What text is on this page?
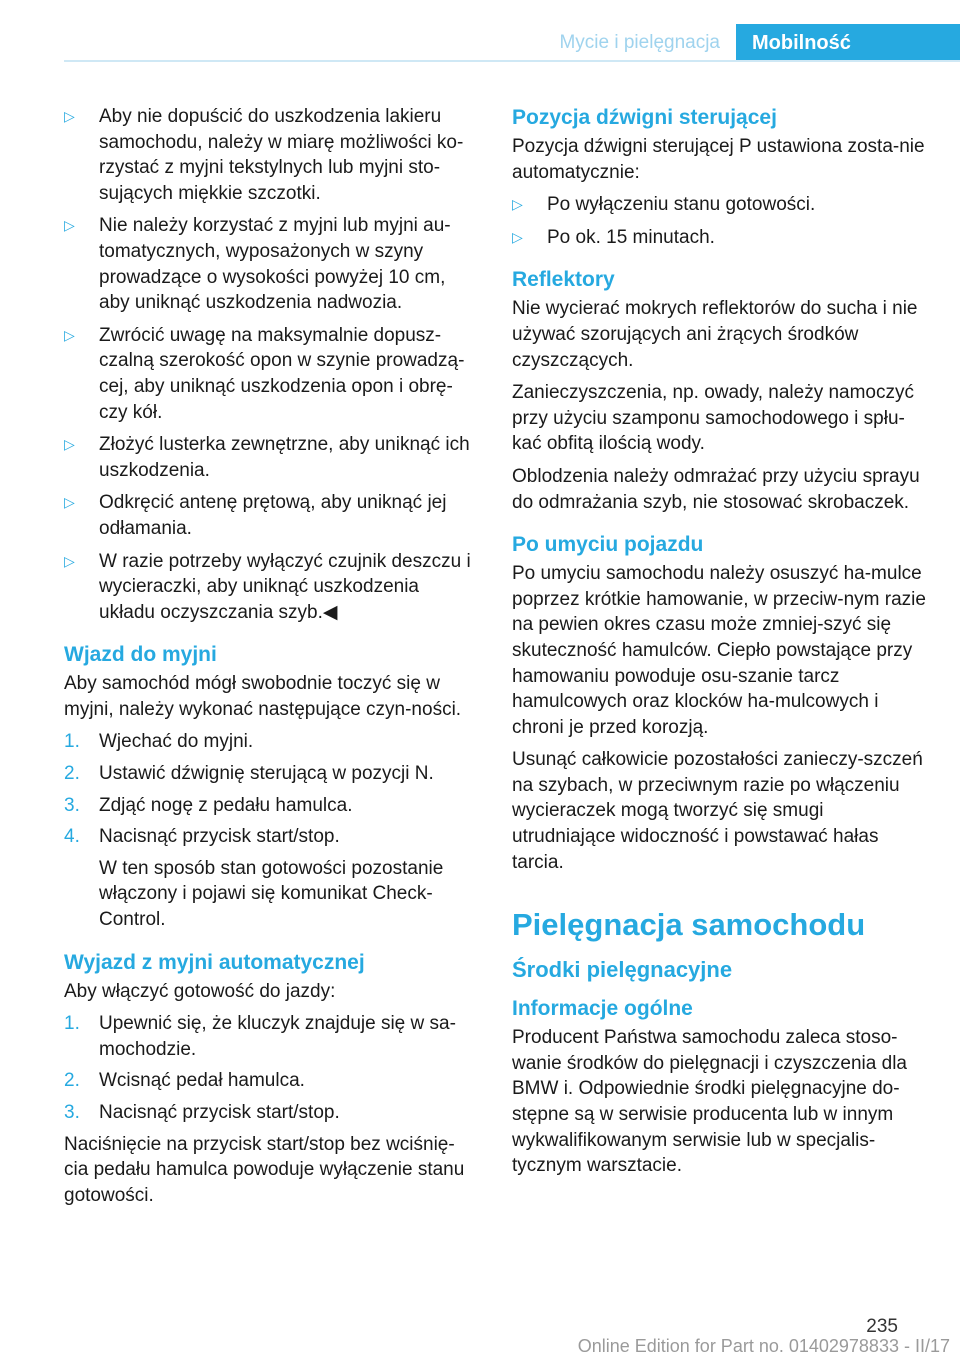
Mycie i pielęgnacja	Mobilność
▷ Aby nie dopuścić do uszkodzenia lakieru samochodu, należy w miarę możliwości ko‐rzystać z myjni tekstylnych lub myjni sto‐sujących miękkie szczotki.
▷ Nie należy korzystać z myjni lub myjni au‐tomatycznych, wyposażonych w szyny prowadzące o wysokości powyżej 10 cm, aby uniknąć uszkodzenia nadwozia.
▷ Zwrócić uwagę na maksymalnie dopusz‐czalną szerokość opon w szynie prowadzą‐cej, aby uniknąć uszkodzenia opon i obrę‐czy kół.
▷ Złożyć lusterka zewnętrzne, aby uniknąć ich uszkodzenia.
▷ Odkręcić antenę prętową, aby uniknąć jej odłamania.
▷ W razie potrzeby wyłączyć czujnik deszczu i wycieraczki, aby uniknąć uszkodzenia układu oczyszczania szyb.◀
Wjazd do myjni
Aby samochód mógł swobodnie toczyć się w myjni, należy wykonać następujące czyn‐ności.
1. Wjechać do myjni.
2. Ustawić dźwignię sterującą w pozycji N.
3. Zdjąć nogę z pedału hamulca.
4. Nacisnąć przycisk start/stop.
W ten sposób stan gotowości pozostanie włączony i pojawi się komunikat Check-Control.
Wyjazd z myjni automatycznej
Aby włączyć gotowość do jazdy:
1. Upewnić się, że kluczyk znajduje się w sa‐mochodzie.
2. Wcisnąć pedał hamulca.
3. Nacisnąć przycisk start/stop.
Naciśnięcie na przycisk start/stop bez wciśnię‐cia pedału hamulca powoduje wyłączenie stanu gotowości.
Pozycja dźwigni sterującej
Pozycja dźwigni sterującej P ustawiona zosta‐nie automatycznie:
▷ Po wyłączeniu stanu gotowości.
▷ Po ok. 15 minutach.
Reflektory
Nie wycierać mokrych reflektorów do sucha i nie używać szorujących ani żrących środków czyszczących.
Zanieczyszczenia, np. owady, należy namoczyć przy użyciu szamponu samochodowego i spłu‐kać obfitą ilością wody.
Oblodzenia należy odmrażać przy użyciu sprayu do odmrażania szyb, nie stosować skrobaczek.
Po umyciu pojazdu
Po umyciu samochodu należy osuszyć ha‐mulce poprzez krótkie hamowanie, w przeciw‐nym razie na pewien okres czasu może zmniej‐szyć się skuteczność hamulców. Ciepło powstające przy hamowaniu powoduje osu‐szanie tarcz hamulcowych oraz klocków ha‐mulcowych i chroni je przed korozją.
Usunąć całkowicie pozostałości zanieczy‐szczeń na szybach, w przeciwnym razie po włączeniu wycieraczek mogą tworzyć się smugi utrudniające widoczność i powstawać hałas tarcia.
Pielęgnacja samochodu
Środki pielęgnacyjne
Informacje ogólne
Producent Państwa samochodu zaleca stoso‐wanie środków do pielęgnacji i czyszczenia dla BMW i. Odpowiednie środki pielęgnacyjne do‐stępne są w serwisie producenta lub w innym wykwalifikowanym serwisie lub w specjalis‐tycznym warsztacie.
235
Online Edition for Part no. 01402978833 - II/17
